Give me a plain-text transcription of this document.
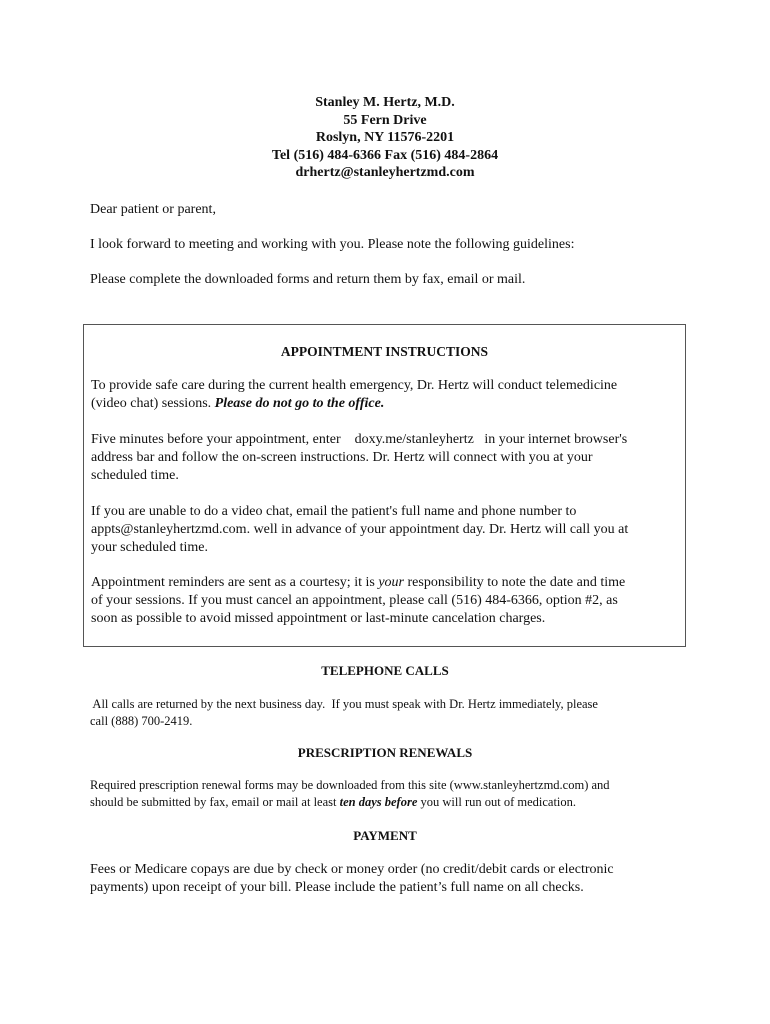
Stanley M. Hertz, M.D.
55 Fern Drive
Roslyn, NY 11576-2201
Tel (516) 484-6366 Fax (516) 484-2864
drhertz@stanleyhertzmd.com
Dear patient or parent,
I look forward to meeting and working with you. Please note the following guidelines:
Please complete the downloaded forms and return them by fax, email or mail.
APPOINTMENT INSTRUCTIONS
To provide safe care during the current health emergency, Dr. Hertz will conduct telemedicine
(video chat) sessions. Please do not go to the office.
Five minutes before your appointment, enter    doxy.me/stanleyhertz   in your internet browser's
address bar and follow the on-screen instructions. Dr. Hertz will connect with you at your
scheduled time.
If you are unable to do a video chat, email the patient's full name and phone number to
appts@stanleyhertzmd.com. well in advance of your appointment day. Dr. Hertz will call you at
your scheduled time.
Appointment reminders are sent as a courtesy; it is your responsibility to note the date and time
of your sessions. If you must cancel an appointment, please call (516) 484-6366, option #2, as
soon as possible to avoid missed appointment or last-minute cancelation charges.
TELEPHONE CALLS
All calls are returned by the next business day.  If you must speak with Dr. Hertz immediately, please
call (888) 700-2419.
PRESCRIPTION RENEWALS
Required prescription renewal forms may be downloaded from this site (www.stanleyhertzmd.com) and
should be submitted by fax, email or mail at least ten days before you will run out of medication.
PAYMENT
Fees or Medicare copays are due by check or money order (no credit/debit cards or electronic
payments) upon receipt of your bill. Please include the patient’s full name on all checks.
